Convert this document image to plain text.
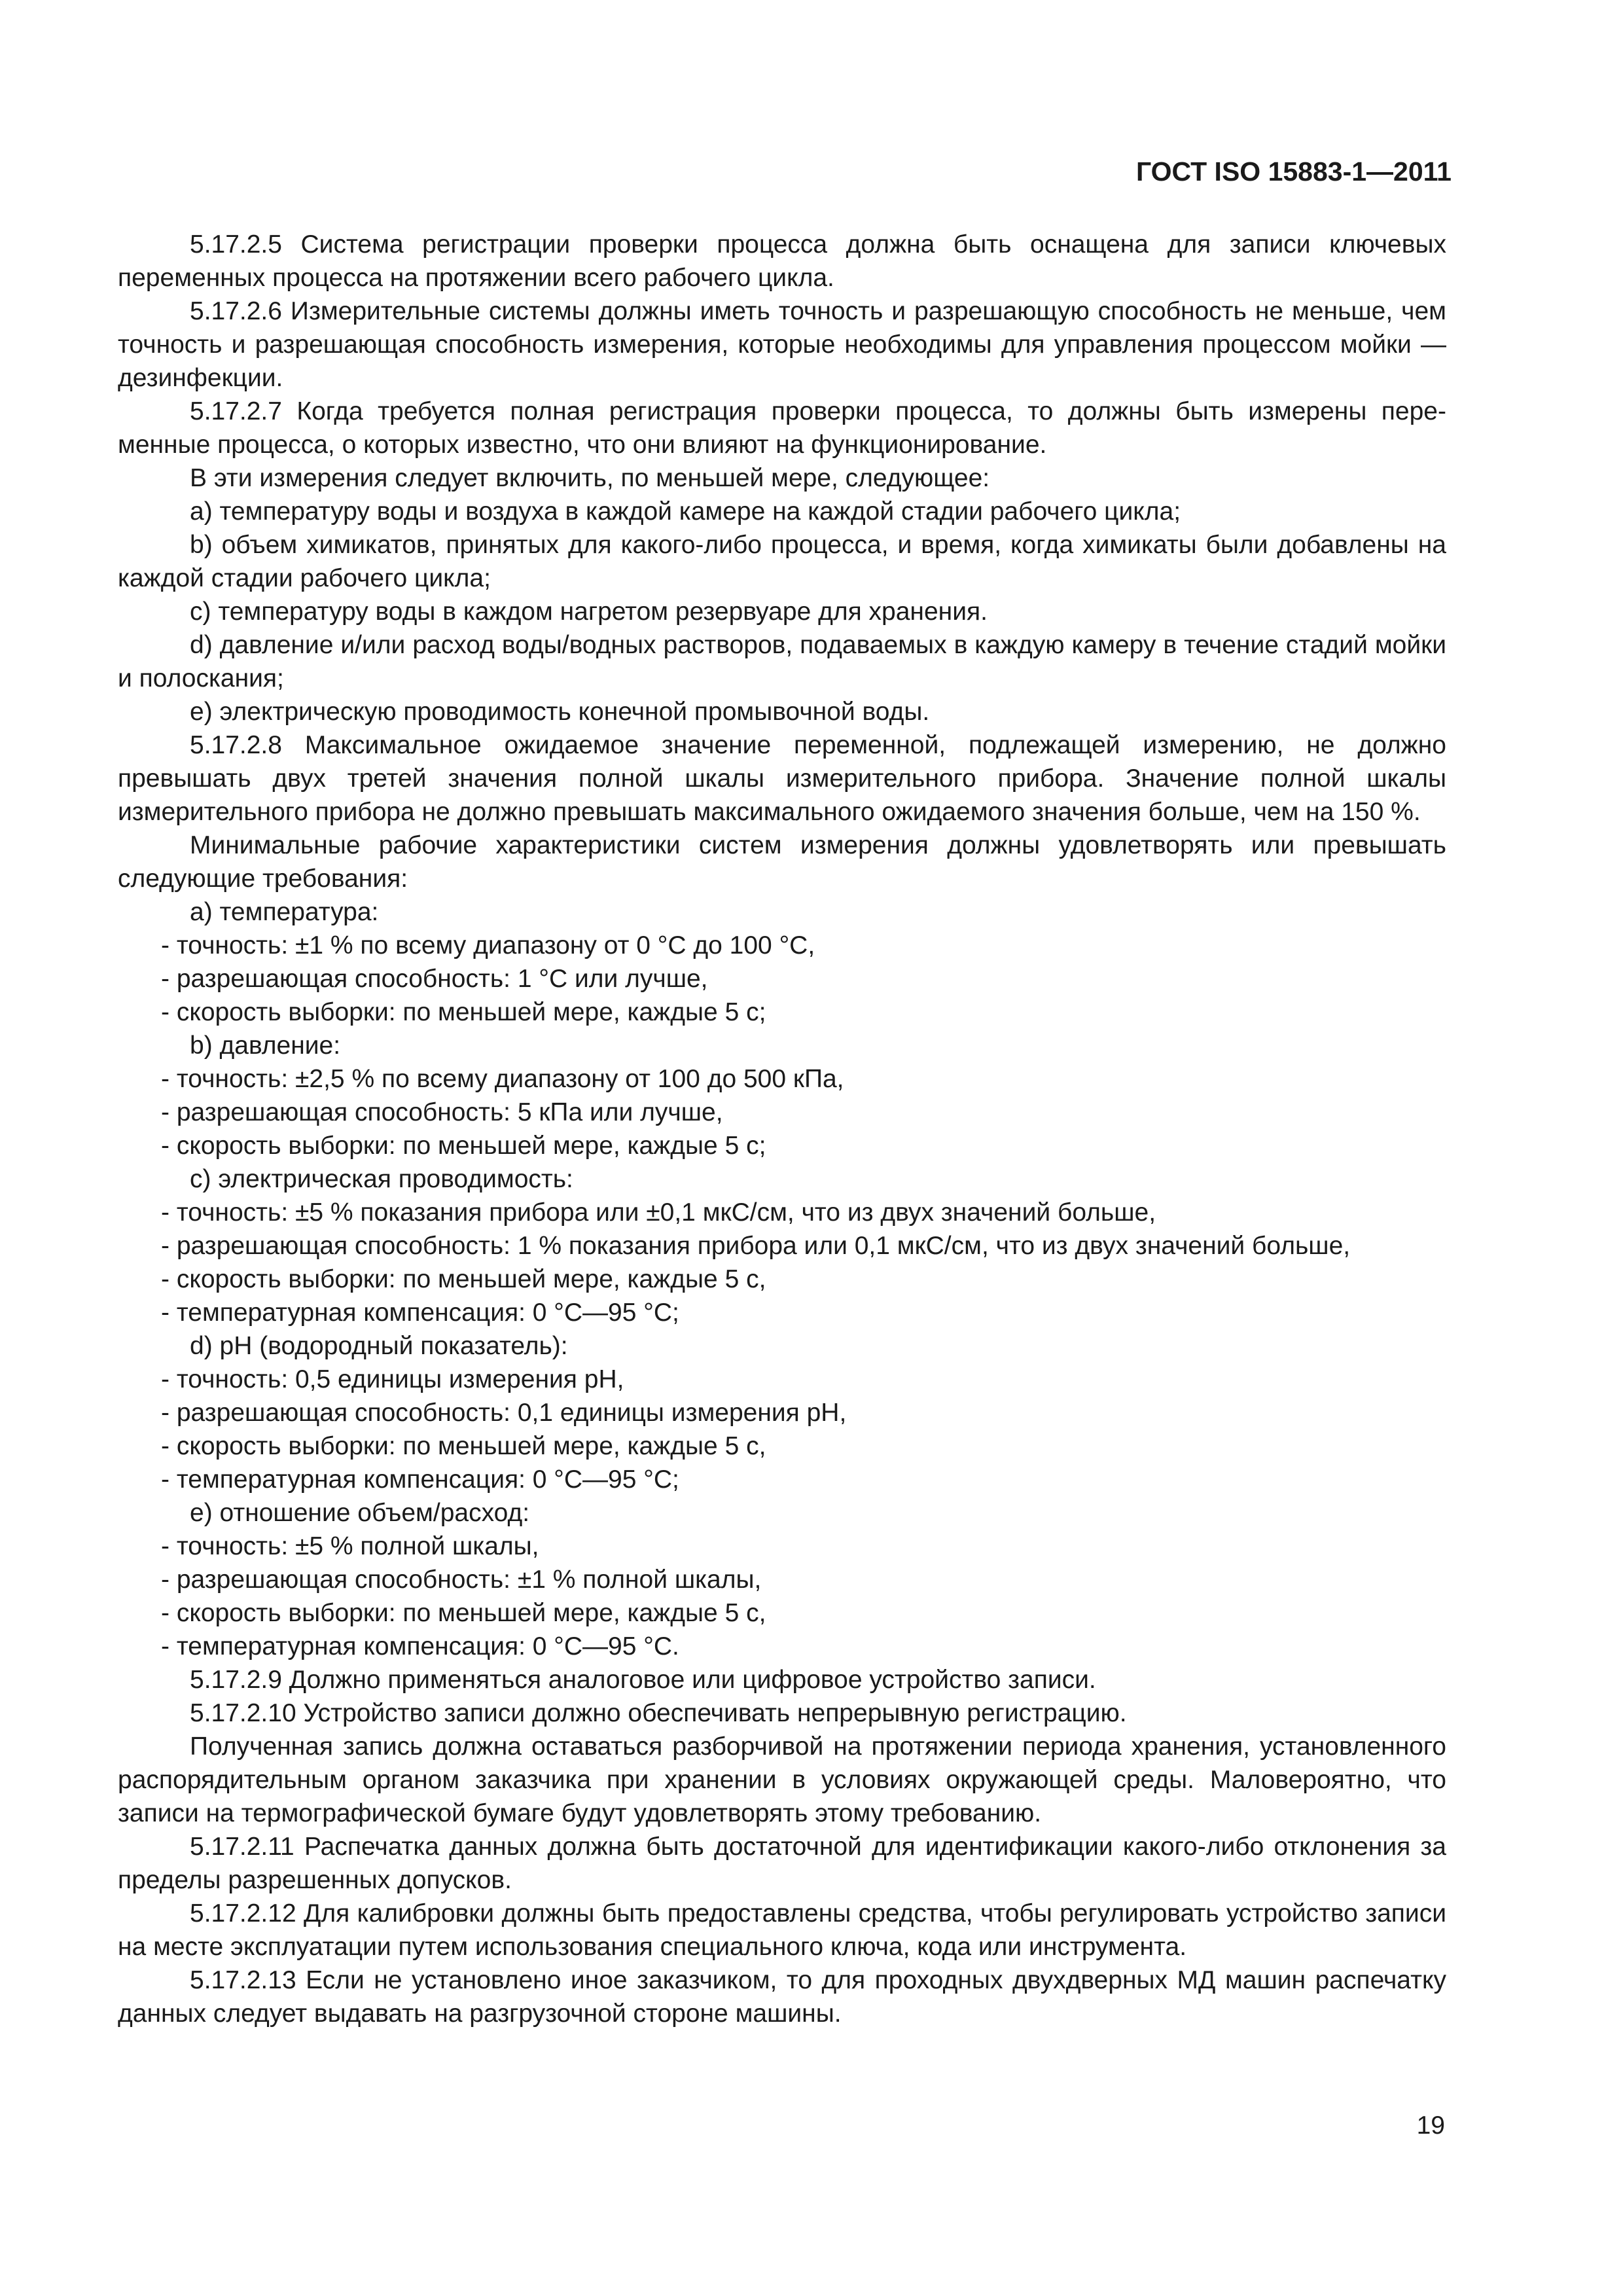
ГОСТ ISO 15883-1—2011

5.17.2.5 Система регистрации проверки процесса должна быть оснащена для записи ключевых переменных процесса на протяжении всего рабочего цикла.

5.17.2.6 Измерительные системы должны иметь точность и разрешающую способность не меньше, чем точность и разрешающая способность измерения, которые необходимы для управления процессом мойки — дезинфекции.

5.17.2.7 Когда требуется полная регистрация проверки процесса, то должны быть измерены переменные процесса, о которых известно, что они влияют на функционирование.

В эти измерения следует включить, по меньшей мере, следующее:

a) температуру воды и воздуха в каждой камере на каждой стадии рабочего цикла;

b) объем химикатов, принятых для какого-либо процесса, и время, когда химикаты были добавлены на каждой стадии рабочего цикла;

c) температуру воды в каждом нагретом резервуаре для хранения.

d) давление и/или расход воды/водных растворов, подаваемых в каждую камеру в течение стадий мойки и полоскания;

e) электрическую проводимость конечной промывочной воды.

5.17.2.8 Максимальное ожидаемое значение переменной, подлежащей измерению, не должно превышать двух третей значения полной шкалы измерительного прибора. Значение полной шкалы измерительного прибора не должно превышать максимального ожидаемого значения больше, чем на 150 %.

Минимальные рабочие характеристики систем измерения должны удовлетворять или превышать следующие требования:

a) температура:

- точность: ±1 % по всему диапазону от 0 °С до 100 °С,

- разрешающая способность: 1 °С или лучше,

- скорость выборки: по меньшей мере, каждые 5 с;

b) давление:

- точность: ±2,5 % по всему диапазону от 100 до 500 кПа,

- разрешающая способность: 5 кПа или лучше,

- скорость выборки: по меньшей мере, каждые 5 с;

c) электрическая проводимость:

- точность: ±5 % показания прибора или ±0,1 мкС/см, что из двух значений больше,

- разрешающая способность: 1 % показания прибора или 0,1 мкС/см, что из двух значений больше,

- скорость выборки: по меньшей мере, каждые 5 с,

- температурная компенсация: 0 °С—95 °С;

d) pH (водородный показатель):

- точность: 0,5 единицы измерения pH,

- разрешающая способность: 0,1 единицы измерения pH,

- скорость выборки: по меньшей мере, каждые 5 с,

- температурная компенсация: 0 °С—95 °С;

e) отношение объем/расход:

- точность: ±5 % полной шкалы,

- разрешающая способность: ±1 % полной шкалы,

- скорость выборки: по меньшей мере, каждые 5 с,

- температурная компенсация: 0 °С—95 °С.

5.17.2.9 Должно применяться аналоговое или цифровое устройство записи.

5.17.2.10 Устройство записи должно обеспечивать непрерывную регистрацию.

Полученная запись должна оставаться разборчивой на протяжении периода хранения, установленного распорядительным органом заказчика при хранении в условиях окружающей среды. Маловероятно, что записи на термографической бумаге будут удовлетворять этому требованию.

5.17.2.11 Распечатка данных должна быть достаточной для идентификации какого-либо отклонения за пределы разрешенных допусков.

5.17.2.12 Для калибровки должны быть предоставлены средства, чтобы регулировать устройство записи на месте эксплуатации путем использования специального ключа, кода или инструмента.

5.17.2.13 Если не установлено иное заказчиком, то для проходных двухдверных МД машин распечатку данных следует выдавать на разгрузочной стороне машины.

19
